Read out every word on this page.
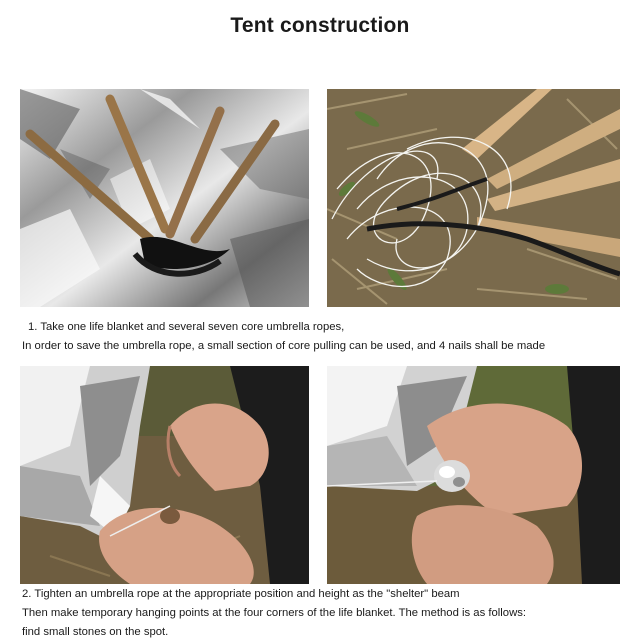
Tent construction
1. Take one life blanket and several seven core umbrella ropes,
In order to save the umbrella rope, a small section of core pulling can be used, and 4 nails shall be made
2. Tighten an umbrella rope at the appropriate position and height as the "shelter" beam
Then make temporary hanging points at the four corners of the life blanket. The method is as follows:
find small stones on the spot.
